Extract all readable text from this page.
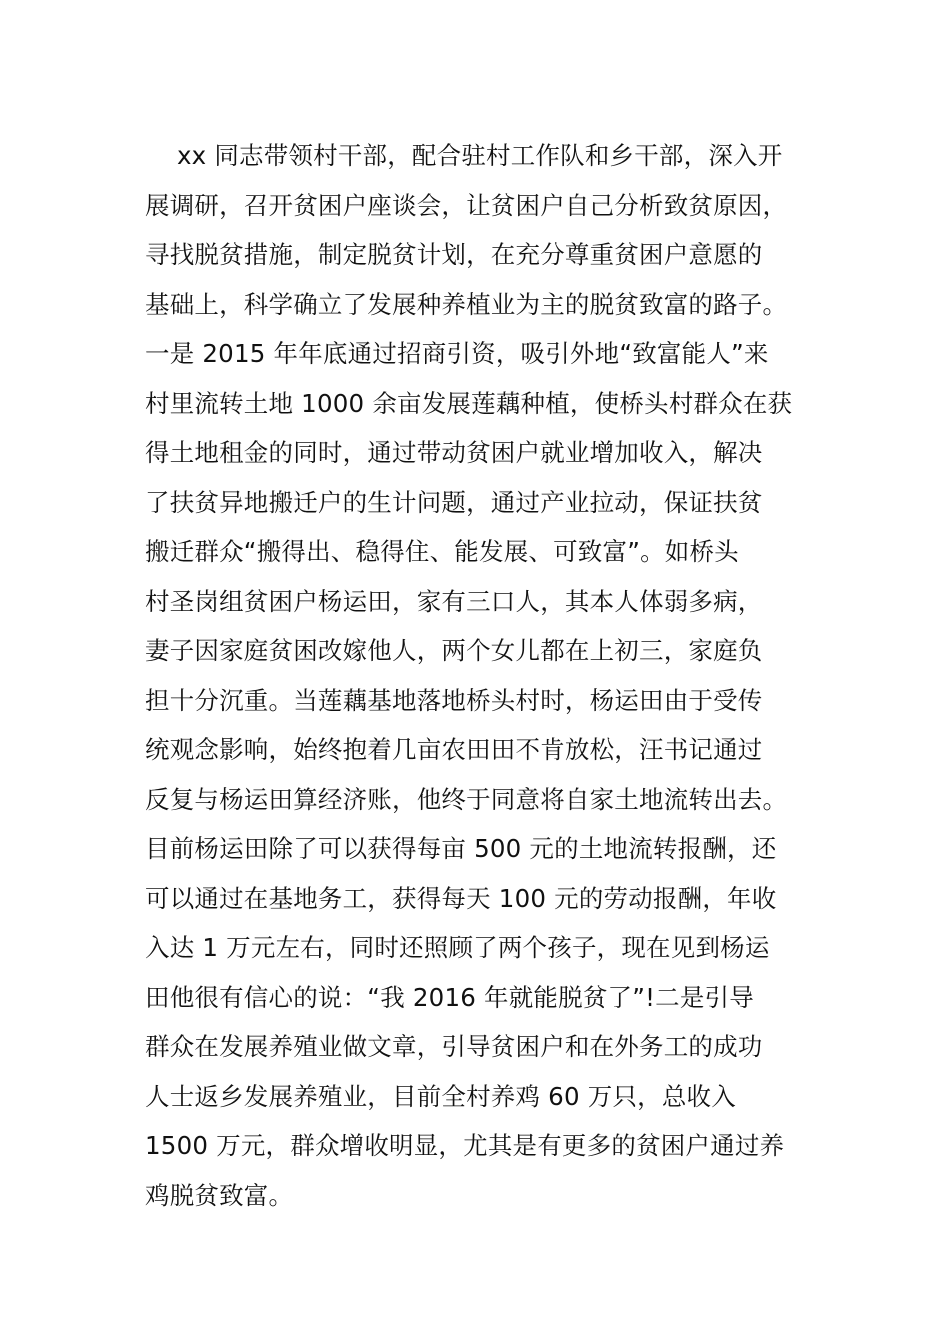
xx 同志带领村干部，配合驻村工作队和乡干部，深入开
展调研，召开贫困户座谈会，让贫困户自己分析致贫原因，
寻找脱贫措施，制定脱贫计划，在充分尊重贫困户意愿的
基础上，科学确立了发展种养植业为主的脱贫致富的路子。
一是 2015 年年底通过招商引资，吸引外地“致富能人”来
村里流转土地 1000 余亩发展莲藕种植，使桥头村群众在获
得土地租金的同时，通过带动贫困户就业增加收入，解决
了扶贫异地搬迁户的生计问题，通过产业拉动，保证扶贫
搬迁群众“搬得出、稳得住、能发展、可致富”。如桥头
村圣岗组贫困户杨运田，家有三口人，其本人体弱多病，
妻子因家庭贫困改嫁他人，两个女儿都在上初三，家庭负
担十分沉重。当莲藕基地落地桥头村时，杨运田由于受传
统观念影响，始终抱着几亩农田田不肯放松，汪书记通过
反复与杨运田算经济账，他终于同意将自家土地流转出去。
目前杨运田除了可以获得每亩 500 元的土地流转报酬，还
可以通过在基地务工，获得每天 100 元的劳动报酬，年收
入达 1 万元左右，同时还照顾了两个孩子，现在见到杨运
田他很有信心的说：“我 2016 年就能脱贫了”!二是引导
群众在发展养殖业做文章，引导贫困户和在外务工的成功
人士返乡发展养殖业，目前全村养鸡 60 万只，总收入
1500 万元，群众增收明显，尤其是有更多的贫困户通过养
鸡脱贫致富。
